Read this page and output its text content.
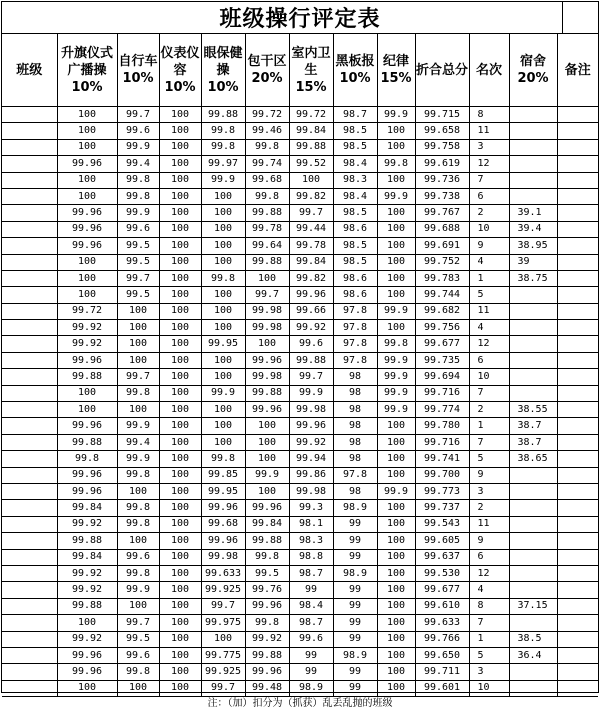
班级操行评定表
班级	升旗仪式广播操10%	自行车10%	仪表仪容10%	眼保健操10%	包干区20%	室内卫生15%	黑板报10%	纪律15%	折合总分	名次	宿舍20%	备注
	100	99.7	100	99.88	99.72	99.72	98.7	99.9	99.715	8		
	100	99.6	100	99.8	99.46	99.84	98.5	100	99.658	11		
	100	99.9	100	99.8	99.8	99.88	98.5	100	99.758	3		
	99.96	99.4	100	99.97	99.74	99.52	98.4	99.8	99.619	12		
	100	99.8	100	99.9	99.68	100	98.3	100	99.736	7		
	100	99.8	100	100	99.8	99.82	98.4	99.9	99.738	6		
	99.96	99.9	100	100	99.88	99.7	98.5	100	99.767	2	39.1	
	99.96	99.6	100	100	99.78	99.44	98.6	100	99.688	10	39.4	
	99.96	99.5	100	100	99.64	99.78	98.5	100	99.691	9	38.95	
	100	99.5	100	100	99.88	99.84	98.5	100	99.752	4	39	
	100	99.7	100	99.8	100	99.82	98.6	100	99.783	1	38.75	
	100	99.5	100	100	99.7	99.96	98.6	100	99.744	5		
	99.72	100	100	100	99.98	99.66	97.8	99.9	99.682	11		
	99.92	100	100	100	99.98	99.92	97.8	100	99.756	4		
	99.92	100	100	99.95	100	99.6	97.8	99.8	99.677	12		
	99.96	100	100	100	99.96	99.88	97.8	99.9	99.735	6		
	99.88	99.7	100	100	99.98	99.7	98	99.9	99.694	10		
	100	99.8	100	99.9	99.88	99.9	98	99.9	99.716	7		
	100	100	100	100	99.96	99.98	98	99.9	99.774	2	38.55	
	99.96	99.9	100	100	100	99.96	98	100	99.780	1	38.7	
	99.88	99.4	100	100	100	99.92	98	100	99.716	7	38.7	
	99.8	99.9	100	99.8	100	99.94	98	100	99.741	5	38.65	
	99.96	99.8	100	99.85	99.9	99.86	97.8	100	99.700	9		
	99.96	100	100	99.95	100	99.98	98	99.9	99.773	3		
	99.84	99.8	100	99.96	99.96	99.3	98.9	100	99.737	2		
	99.92	99.8	100	99.68	99.84	98.1	99	100	99.543	11		
	99.88	100	100	99.96	99.88	98.3	99	100	99.605	9		
	99.84	99.6	100	99.98	99.8	98.8	99	100	99.637	6		
	99.92	99.8	100	99.633	99.5	98.7	98.9	100	99.530	12		
	99.92	99.9	100	99.925	99.76	99	99	100	99.677	4		
	99.88	100	100	99.7	99.96	98.4	99	100	99.610	8	37.15	
	100	99.7	100	99.975	99.8	98.7	99	100	99.633	7		
	99.92	99.5	100	100	99.92	99.6	99	100	99.766	1	38.5	
	99.96	99.6	100	99.775	99.88	99	98.9	100	99.650	5	36.4	
	99.96	99.8	100	99.925	99.96	99	99	100	99.711	3		
	100	100	100	99.7	99.48	98.9	99	100	99.601	10		
注：（加）扣分为（抓获）乱丢乱抛的班级
